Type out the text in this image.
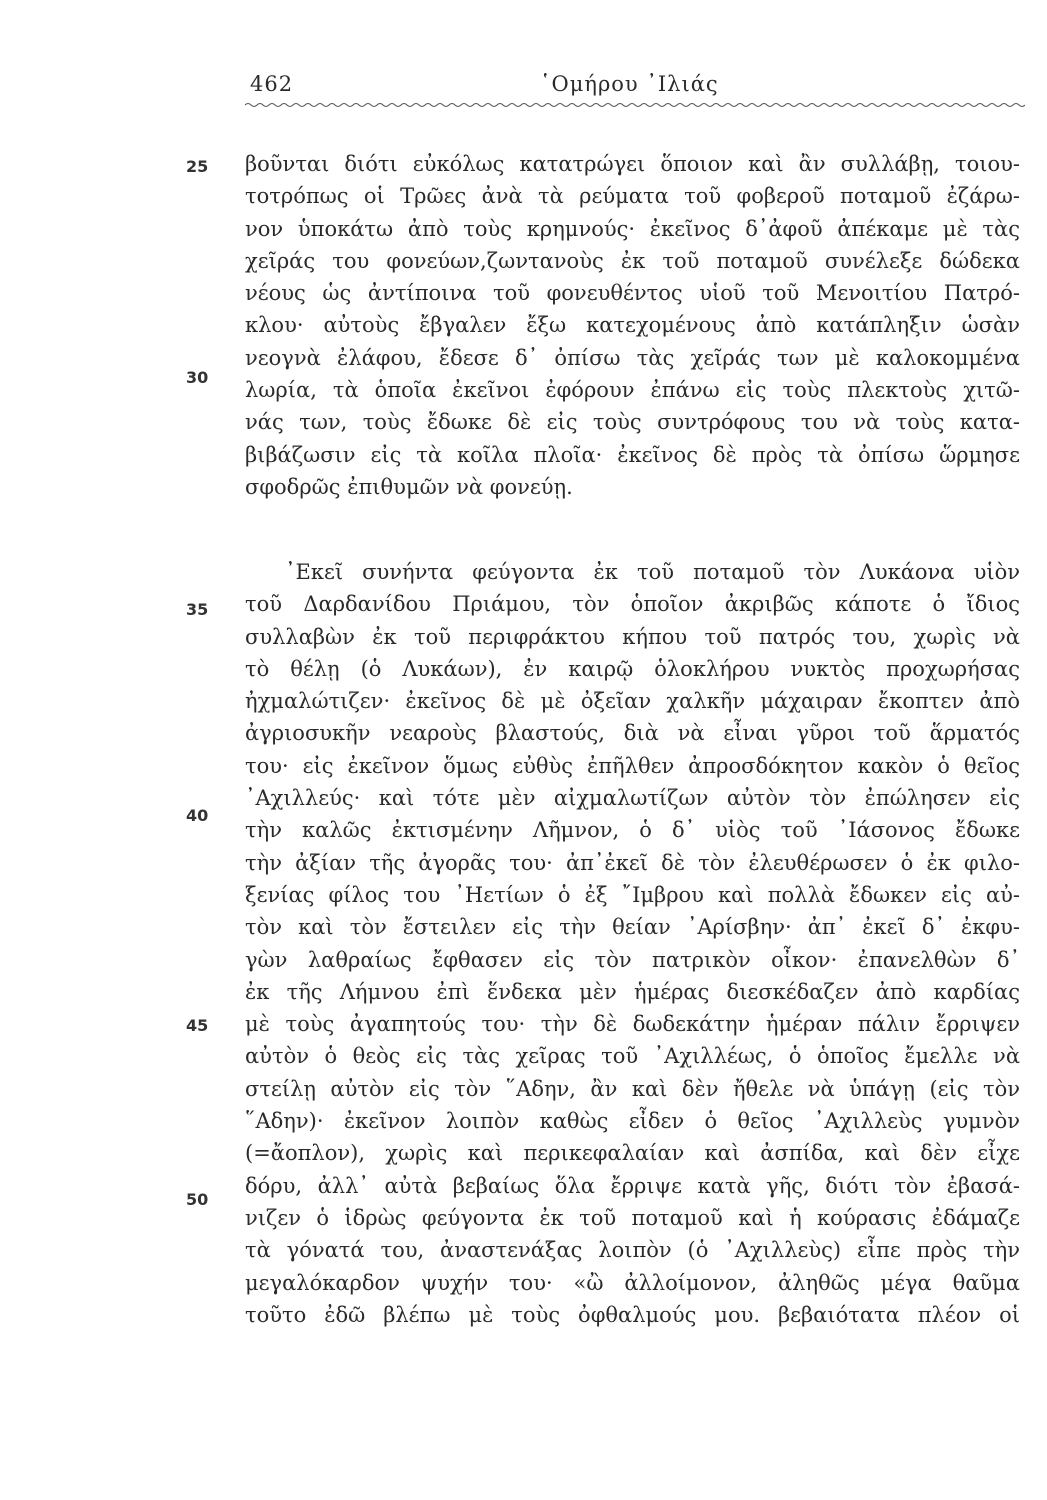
462	῾Ομήρου ᾿Ιλιάς
25
30
35
40
45
50
βοῦνται διότι εὐκόλως κατατρώγει ὅποιον καὶ ἂν συλλάβῃ, τοιου-
τοτρόπως οἱ Τρῶες ἀνὰ τὰ ρεύματα τοῦ φοβεροῦ ποταμοῦ ἐζάρω-
νον ὑποκάτω ἀπὸ τοὺς κρημνούς· ἐκεῖνος δ᾽ἀφοῦ ἀπέκαμε μὲ τὰς
χεῖράς του φονεύων,ζωντανοὺς ἐκ τοῦ ποταμοῦ συνέλεξε δώδεκα
νέους ὡς ἀντίποινα τοῦ φονευθέντος υἱοῦ τοῦ Μενοιτίου Πατρό-
κλου· αὐτοὺς ἔβγαλεν ἔξω κατεχομένους ἀπὸ κατάπληξιν ὡσὰν
νεογνὰ ἐλάφου, ἔδεσε δ᾽ ὀπίσω τὰς χεῖράς των μὲ καλοκομμένα
λωρία, τὰ ὁποῖα ἐκεῖνοι ἐφόρουν ἐπάνω εἰς τοὺς πλεκτοὺς χιτῶ-
νάς των, τοὺς ἔδωκε δὲ εἰς τοὺς συντρόφους του νὰ τοὺς κατα-
βιβάζωσιν εἰς τὰ κοῖλα πλοῖα· ἐκεῖνος δὲ πρὸς τὰ ὀπίσω ὥρμησε
σφοδρῶς ἐπιθυμῶν νὰ φονεύῃ.
᾿Εκεῖ συνήντα φεύγοντα ἐκ τοῦ ποταμοῦ τὸν Λυκάονα υἱὸν
τοῦ Δαρδανίδου Πριάμου, τὸν ὁποῖον ἀκριβῶς κάποτε ὁ ἴδιος
συλλαβὼν ἐκ τοῦ περιφράκτου κήπου τοῦ πατρός του, χωρὶς νὰ
τὸ θέλῃ (ὁ Λυκάων), ἐν καιρῷ ὁλοκλήρου νυκτὸς προχωρήσας
ἠχμαλώτιζεν· ἐκεῖνος δὲ μὲ ὀξεῖαν χαλκῆν μάχαιραν ἔκοπτεν ἀπὸ
ἀγριοσυκῆν νεαροὺς βλαστούς, διὰ νὰ εἶναι γῦροι τοῦ ἅρματός
του· εἰς ἐκεῖνον ὅμως εὐθὺς ἐπῆλθεν ἀπροσδόκητον κακὸν ὁ θεῖος
᾿Αχιλλεύς· καὶ τότε μὲν αἰχμαλωτίζων αὐτὸν τὸν ἐπώλησεν εἰς
τὴν καλῶς ἐκτισμένην Λῆμνον, ὁ δ᾽ υἱὸς τοῦ ᾿Ιάσονος ἔδωκε
τὴν ἀξίαν τῆς ἀγορᾶς του· ἀπ᾽ἐκεῖ δὲ τὸν ἐλευθέρωσεν ὁ ἐκ φιλο-
ξενίας φίλος του ᾿Ηετίων ὁ ἐξ ῎Ιμβρου καὶ πολλὰ ἔδωκεν εἰς αὐ-
τὸν καὶ τὸν ἔστειλεν εἰς τὴν θείαν ᾿Αρίσβην· ἀπ᾽ ἐκεῖ δ᾽ ἐκφυ-
γὼν λαθραίως ἔφθασεν εἰς τὸν πατρικὸν οἶκον· ἐπανελθὼν δ᾽
ἐκ τῆς Λήμνου ἐπὶ ἕνδεκα μὲν ἡμέρας διεσκέδαζεν ἀπὸ καρδίας
μὲ τοὺς ἀγαπητούς του· τὴν δὲ δωδεκάτην ἡμέραν πάλιν ἔρριψεν
αὐτὸν ὁ θεὸς εἰς τὰς χεῖρας τοῦ ᾿Αχιλλέως, ὁ ὁποῖος ἔμελλε νὰ
στείλῃ αὐτὸν εἰς τὸν ῞Αδην, ἂν καὶ δὲν ἤθελε νὰ ὑπάγῃ (εἰς τὸν
῞Αδην)· ἐκεῖνον λοιπὸν καθὼς εἶδεν ὁ θεῖος ᾿Αχιλλεὺς γυμνὸν
(=ἄοπλον), χωρὶς καὶ περικεφαλαίαν καὶ ἀσπίδα, καὶ δὲν εἶχε
δόρυ, ἀλλ᾽ αὐτὰ βεβαίως ὅλα ἔρριψε κατὰ γῆς, διότι τὸν ἐβασά-
νιζεν ὁ ἱδρὼς φεύγοντα ἐκ τοῦ ποταμοῦ καὶ ἡ κούρασις ἐδάμαζε
τὰ γόνατά του, ἀναστενάξας λοιπὸν (ὁ ᾿Αχιλλεὺς) εἶπε πρὸς τὴν
μεγαλόκαρδον ψυχήν του· «ὢ ἀλλοίμονον, ἀληθῶς μέγα θαῦμα
τοῦτο ἐδῶ βλέπω μὲ τοὺς ὀφθαλμούς μου. βεβαιότατα πλέον οἱ
